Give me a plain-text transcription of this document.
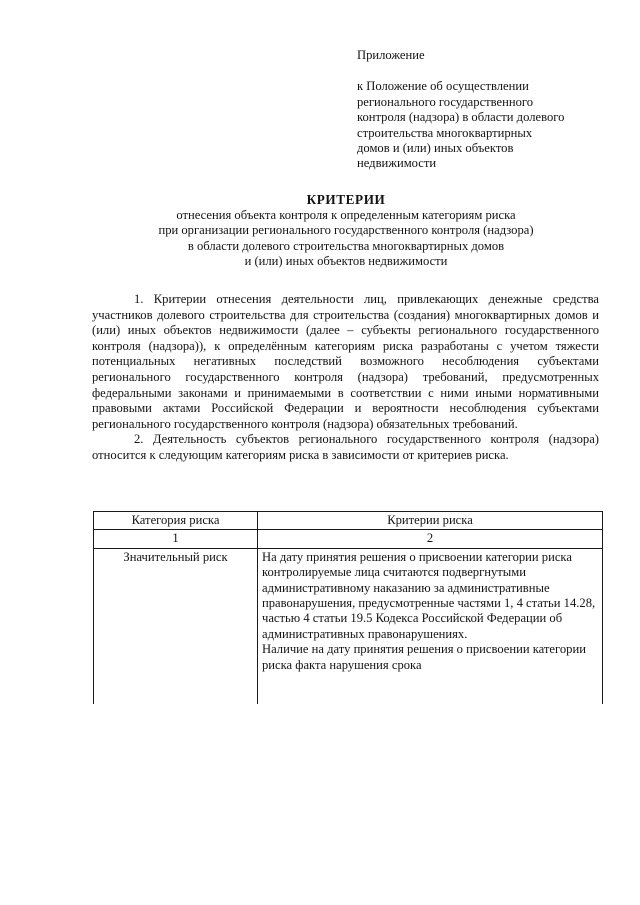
Приложение
к Положение об осуществлении
регионального государственного
контроля (надзора) в области долевого
строительства многоквартирных
домов и (или) иных объектов
недвижимости
КРИТЕРИИ
отнесения объекта контроля к определенным категориям риска
при организации регионального государственного контроля (надзора)
в области долевого строительства многоквартирных домов
и (или) иных объектов недвижимости

1. Критерии отнесения деятельности лиц, привлекающих денежные средства участников долевого строительства для строительства (создания) многоквартирных домов и (или) иных объектов недвижимости (далее – субъекты регионального государственного контроля (надзора)), к определённым категориям риска разработаны с учетом тяжести потенциальных негативных последствий возможного несоблюдения субъектами регионального государственного контроля (надзора) требований, предусмотренных федеральными законами и принимаемыми в соответствии с ними иными нормативными правовыми актами Российской Федерации и вероятности несоблюдения субъектами регионального государственного контроля (надзора) обязательных требований.

2. Деятельность субъектов регионального государственного контроля (надзора) относится к следующим категориям риска в зависимости от критериев риска.

Категория риска	Критерии риска
1	2
Значительный риск	На дату принятия решения о присвоении категории риска контролируемые лица считаются подвергнутыми административному наказанию за административные правонарушения, предусмотренные частями 1, 4 статьи 14.28, частью 4 статьи 19.5 Кодекса Российской Федерации об административных правонарушениях.
Наличие на дату принятия решения о присвоении категории риска факта нарушения срока
